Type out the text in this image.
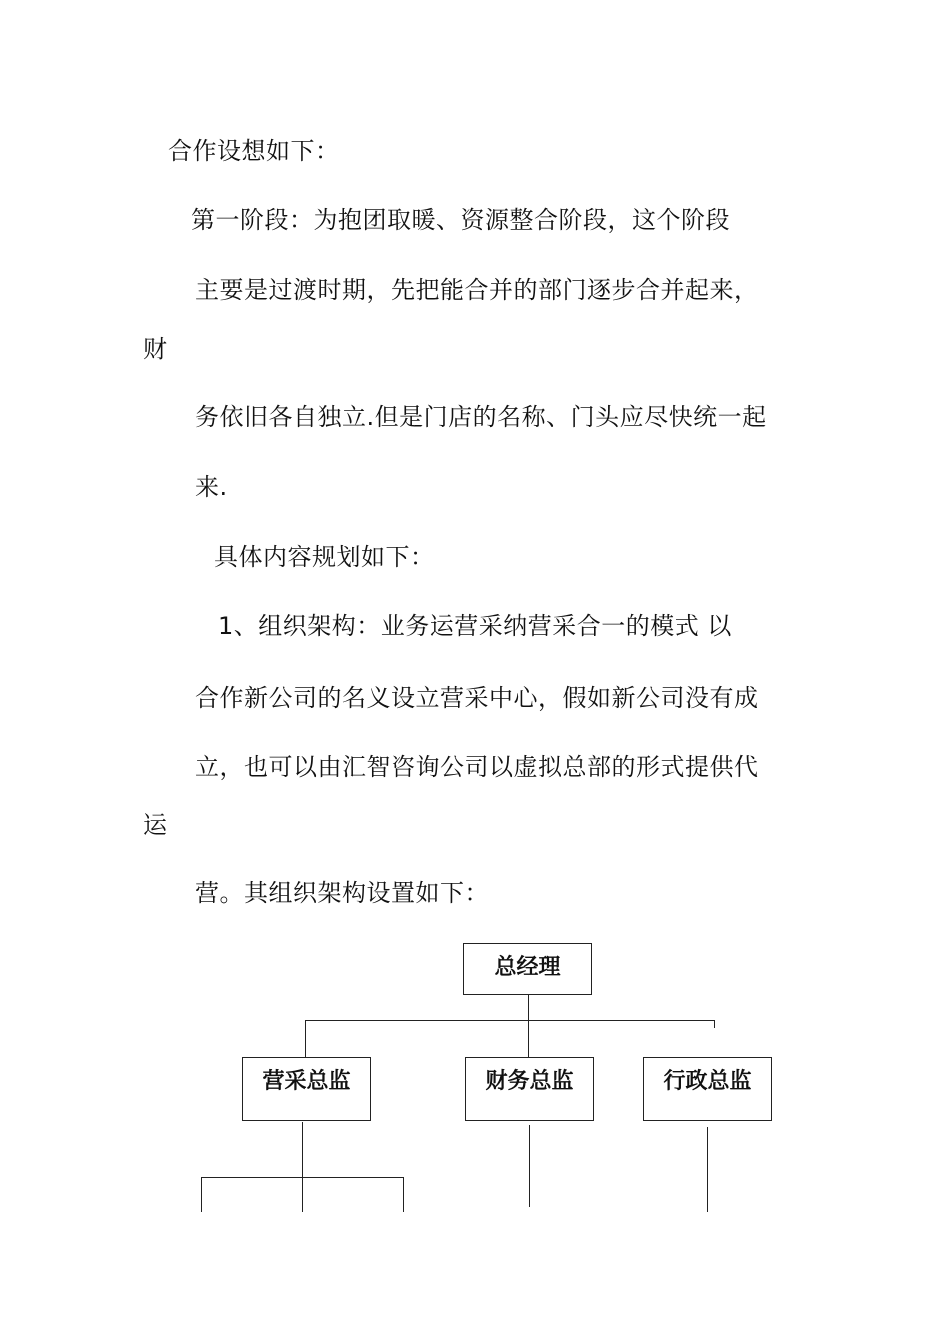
合作设想如下：
第一阶段：为抱团取暖、资源整合阶段，这个阶段
主要是过渡时期，先把能合并的部门逐步合并起来，
财
务依旧各自独立.但是门店的名称、门头应尽快统一起
来.
具体内容规划如下：
1、组织架构：业务运营采纳营采合一的模式 以
合作新公司的名义设立营采中心，假如新公司没有成
立，也可以由汇智咨询公司以虚拟总部的形式提供代
运
营。其组织架构设置如下：
总经理
营采总监	财务总监	行政总监
